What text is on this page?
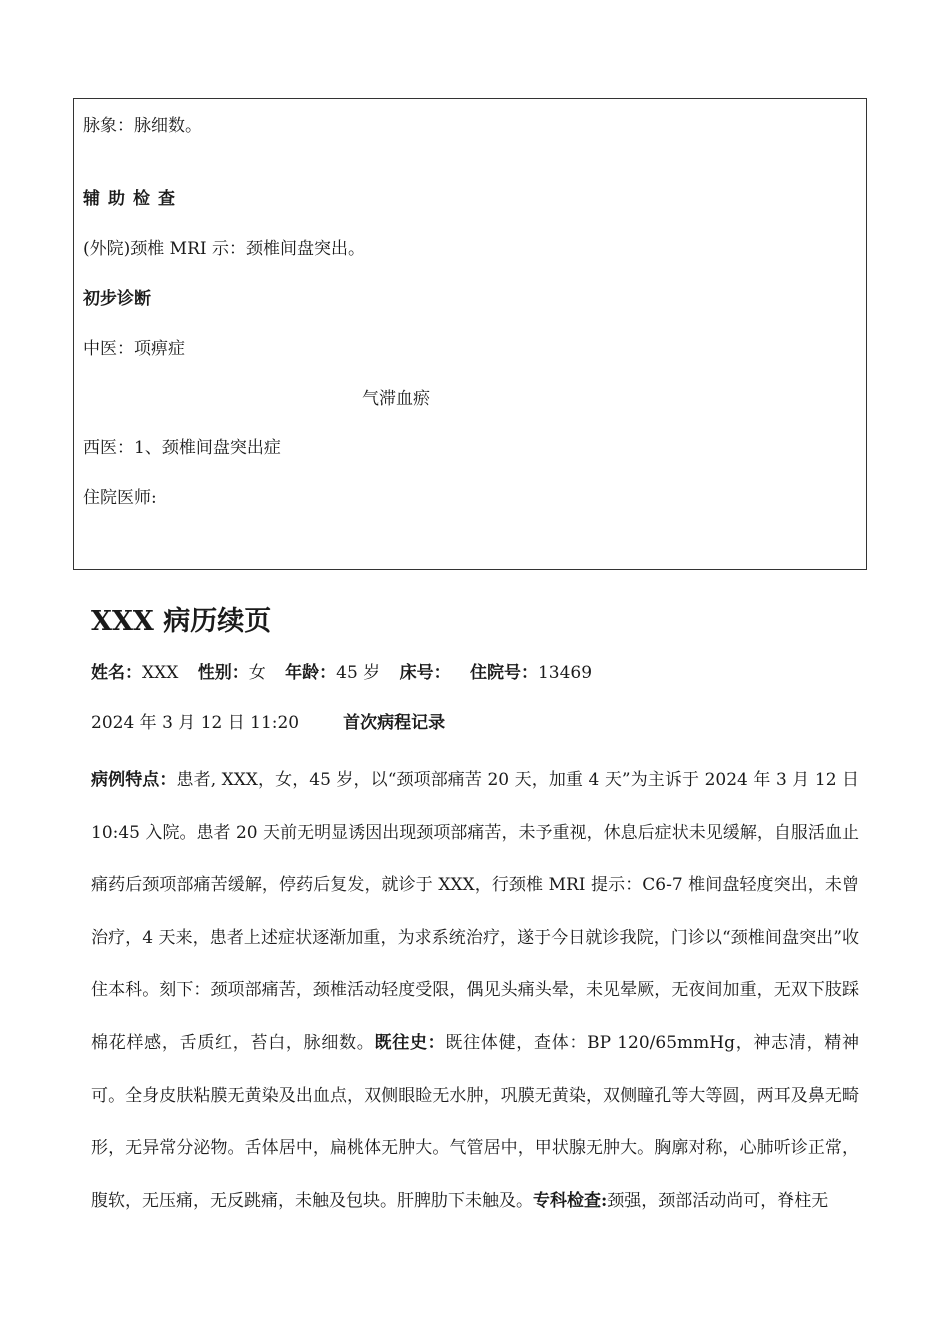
脉象：脉细数。
辅助检查
(外院)颈椎 MRI 示：颈椎间盘突出。
初步诊断
中医：项痹症
气滞血瘀
西医：1、颈椎间盘突出症
住院医师:
XXX 病历续页
姓名：XXX 性别：女 年龄：45 岁 床号： 住院号：13469
2024 年 3 月 12 日 11:20	首次病程记录
病例特点：患者, XXX，女，45 岁，以“颈项部痛苦 20 天，加重 4 天”为主诉于 2024 年 3 月 12 日 10:45 入院。患者 20 天前无明显诱因出现颈项部痛苦，未予重视，休息后症状未见缓解，自服活血止痛药后颈项部痛苦缓解，停药后复发，就诊于 XXX，行颈椎 MRI 提示：C6-7 椎间盘轻度突出，未曾治疗，4 天来，患者上述症状逐渐加重，为求系统治疗，遂于今日就诊我院，门诊以“颈椎间盘突出”收住本科。刻下：颈项部痛苦，颈椎活动轻度受限，偶见头痛头晕，未见晕厥，无夜间加重，无双下肢踩棉花样感，舌质红，苔白，脉细数。既往史：既往体健，查体：BP 120/65mmHg，神志清，精神可。全身皮肤粘膜无黄染及出血点，双侧眼睑无水肿，巩膜无黄染，双侧瞳孔等大等圆，两耳及鼻无畸形，无异常分泌物。舌体居中，扁桃体无肿大。气管居中，甲状腺无肿大。胸廓对称，心肺听诊正常，腹软，无压痛，无反跳痛，未触及包块。肝脾肋下未触及。专科检查:颈强，颈部活动尚可，脊柱无
